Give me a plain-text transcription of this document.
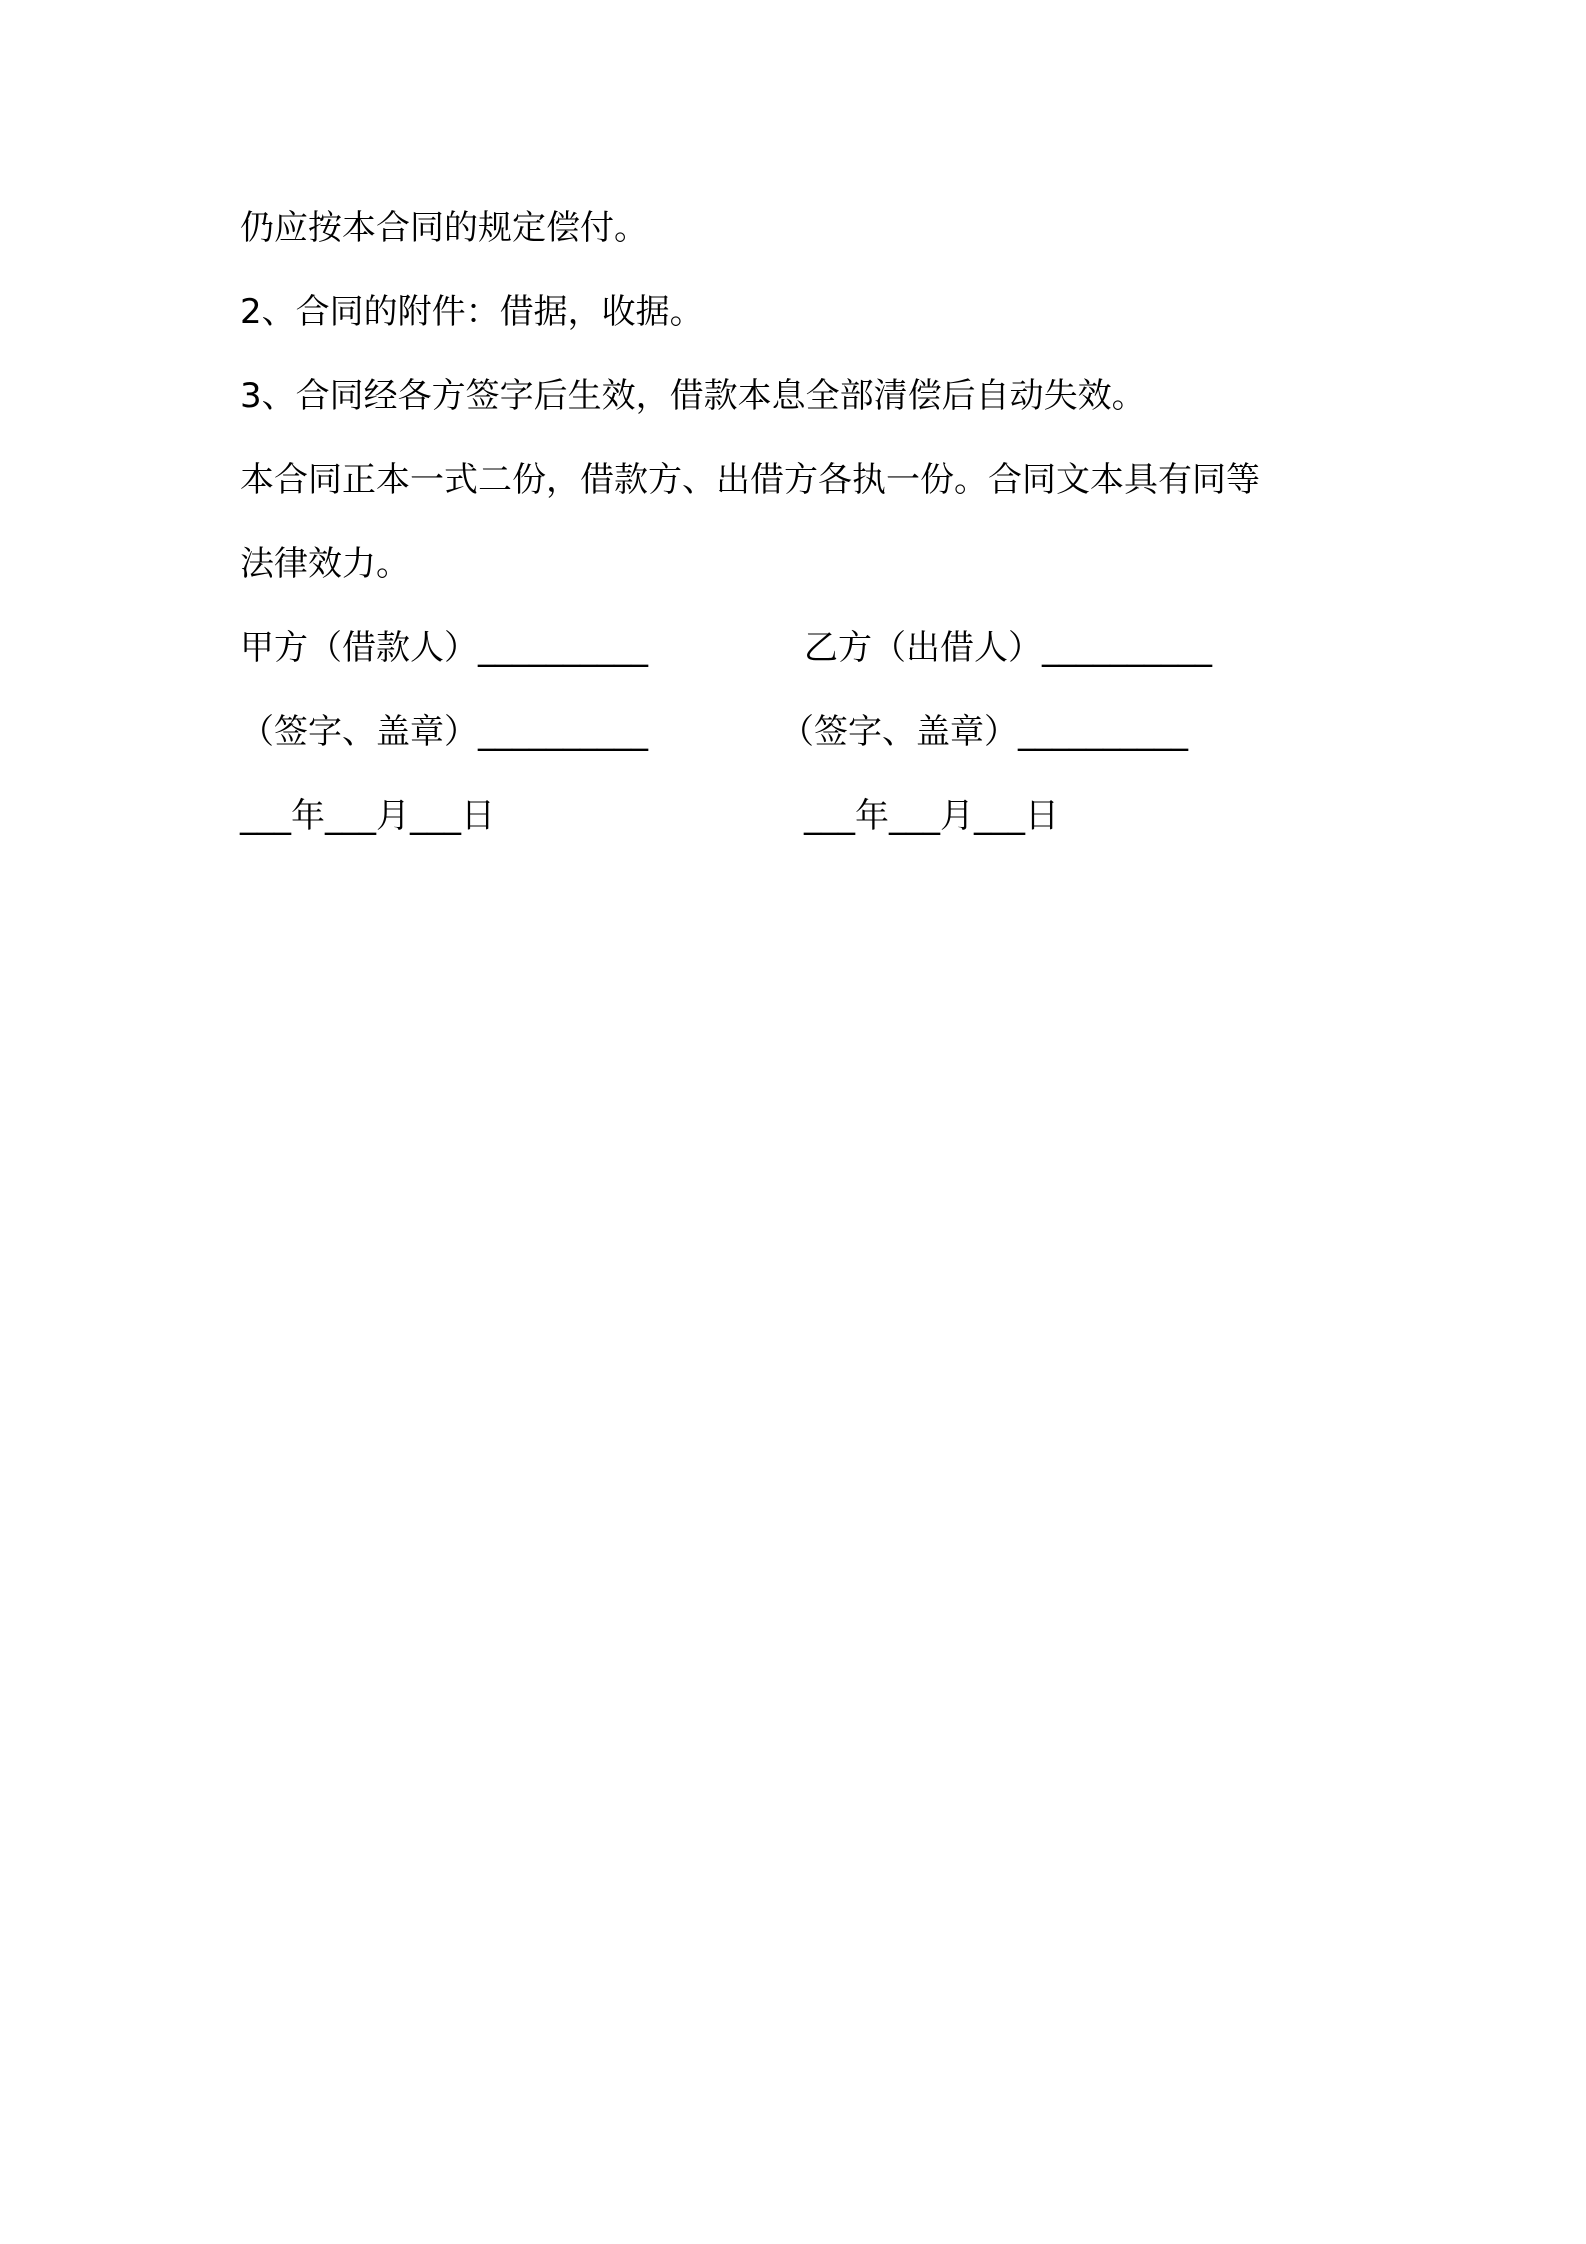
仍应按本合同的规定偿付。
2、合同的附件：借据，收据。
3、合同经各方签字后生效，借款本息全部清偿后自动失效。
本合同正本一式二份，借款方、出借方各执一份。合同文本具有同等
法律效力。
甲方（借款人）__________	乙方（出借人）__________
（签字、盖章）__________	（签字、盖章）__________
___年___月___日	___年___月___日
